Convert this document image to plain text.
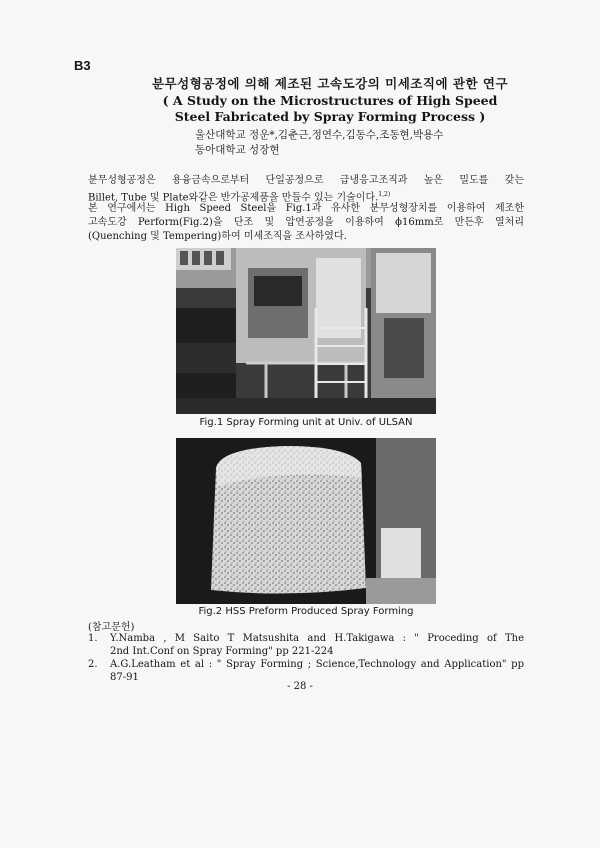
B3
분무성형공정에 의해 제조된 고속도강의 미세조직에 관한 연구
( A Study on the Microstructures of High Speed
Steel Fabricated by Spray Forming Process )
울산대학교 정운*,김춘근,정연수,김동수,조동현,박용수
동아대학교 성장현
분무성형공정은 용융금속으로부터 단일공정으로 급냉응고조직과 높은 밀도를 갖는
Billet, Tube 및 Plate와같은 반가공제품을 만들수 있는 기술이다.$^{1,2)}$
본 연구에서는 High Speed Steel을 Fig.1과 유사한 분무성형장치를 이용하여 제조한
고속도강 Perform(Fig.2)을 단조 및 압연공정을 이용하여 ϕ16mm로 만든후 열처리
(Quenching 및 Tempering)하여 미세조직을 조사하였다.
Fig.1 Spray Forming unit at Univ. of ULSAN
Fig.2 HSS Preform Produced Spray Forming
(참고문헌)
1. Y.Namba , M Saito T Matsushita and H.Takigawa : " Proceding of The
2nd Int.Conf on Spray Forming" pp 221-224
2. A.G.Leatham et al : " Spray Forming ; Science,Technology and Application" pp
87-91
- 28 -
